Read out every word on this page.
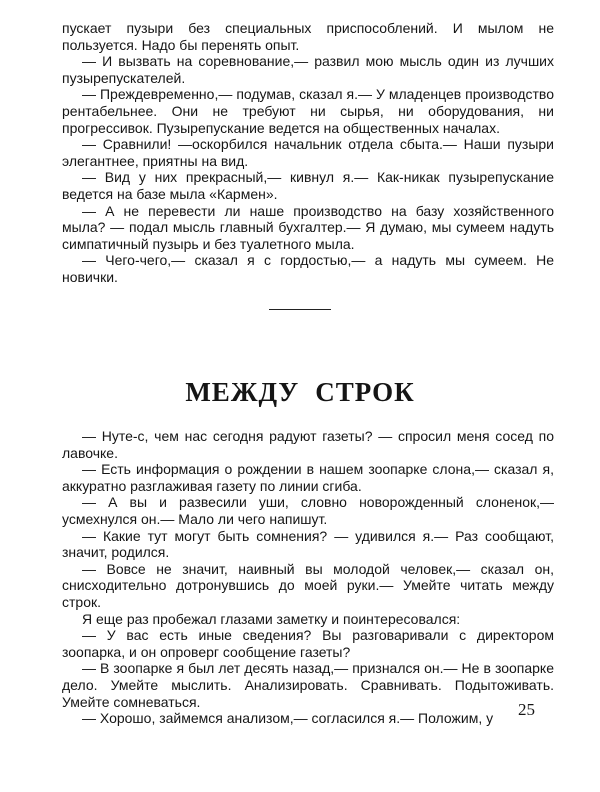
пускает пузыри без специальных приспособлений. И мылом не пользуется. Надо бы перенять опыт.

— И вызвать на соревнование,— развил мою мысль один из лучших пузырепускателей.

— Преждевременно,— подумав, сказал я.— У младенцев производство рентабельнее. Они не требуют ни сырья, ни оборудования, ни прогрессивок. Пузырепускание ведется на общественных началах.

— Сравнили! —оскорбился начальник отдела сбыта.— Наши пузыри элегантнее, приятны на вид.

— Вид у них прекрасный,— кивнул я.— Как-никак пузырепускание ведется на базе мыла «Кармен».

— А не перевести ли наше производство на базу хозяйственного мыла? — подал мысль главный бухгалтер.— Я думаю, мы сумеем надуть симпатичный пузырь и без туалетного мыла.

— Чего-чего,— сказал я с гордостью,— а надуть мы сумеем. Не новички.

МЕЖДУ СТРОК

— Нуте-с, чем нас сегодня радуют газеты? — спросил меня сосед по лавочке.

— Есть информация о рождении в нашем зоопарке слона,— сказал я, аккуратно разглаживая газету по линии сгиба.

— А вы и развесили уши, словно новорожденный слоненок,— усмехнулся он.— Мало ли чего напишут.

— Какие тут могут быть сомнения? — удивился я.— Раз сообщают, значит, родился.

— Вовсе не значит, наивный вы молодой человек,— сказал он, снисходительно дотронувшись до моей руки.— Умейте читать между строк.

Я еще раз пробежал глазами заметку и поинтересовался:

— У вас есть иные сведения? Вы разговаривали с директором зоопарка, и он опроверг сообщение газеты?

— В зоопарке я был лет десять назад,— признался он.— Не в зоопарке дело. Умейте мыслить. Анализировать. Сравнивать. Подытоживать. Умейте сомневаться.

— Хорошо, займемся анализом,— согласился я.— Положим, у	25
